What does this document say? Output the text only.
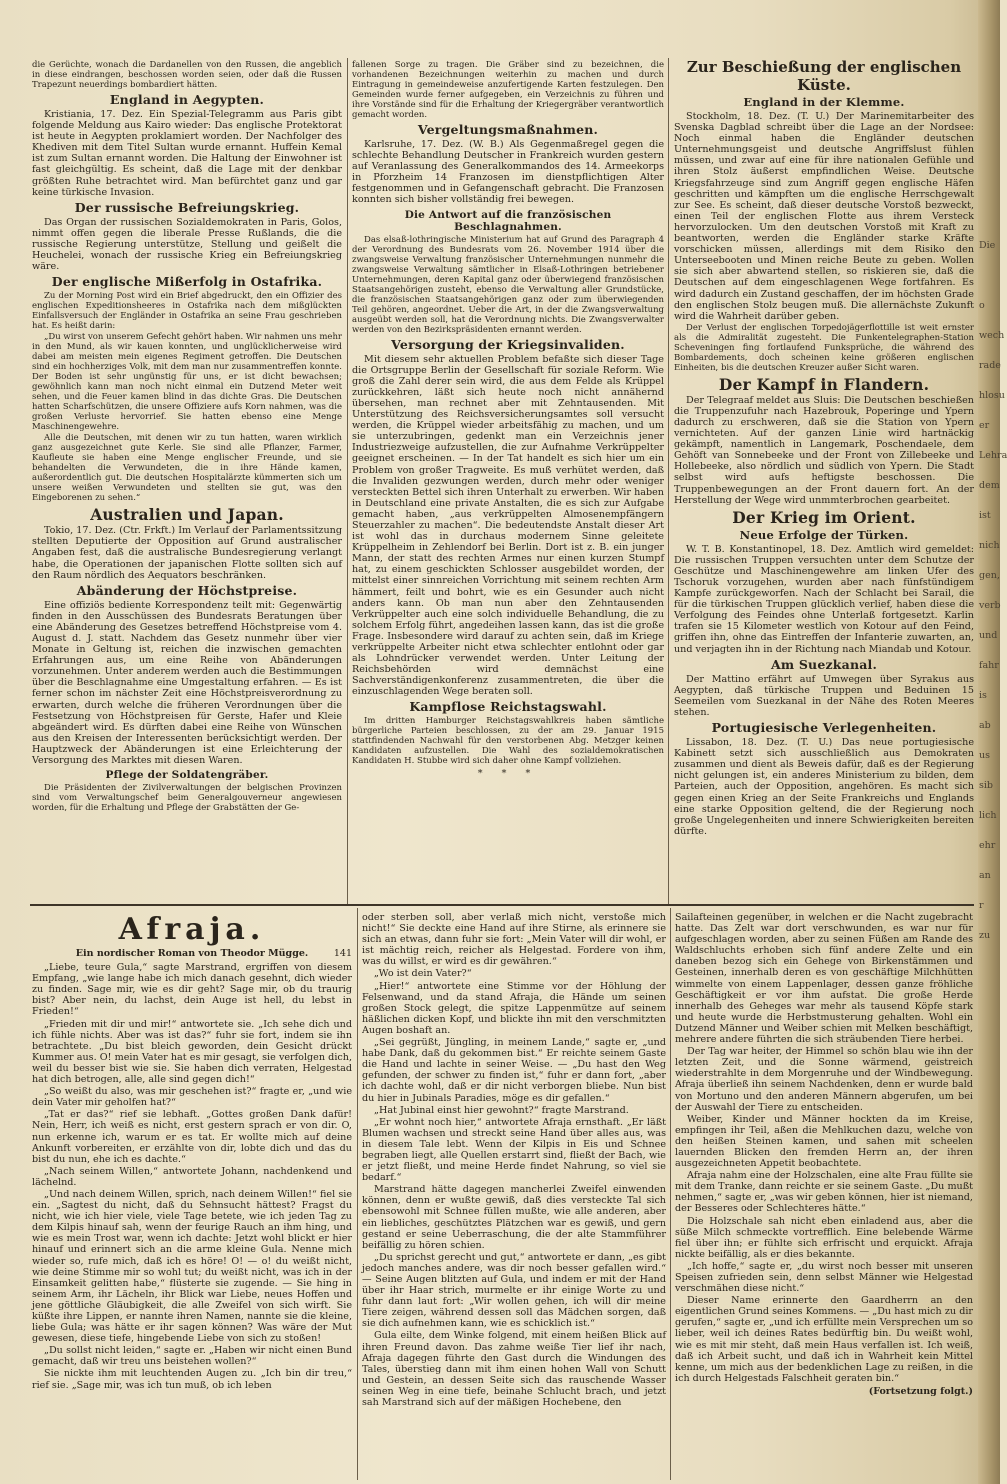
die Gerüchte, wonach die Dardanellen von den Russen, die angeblich in diese eindrangen, beschossen worden seien, oder daß die Russen Trapezunt neuerdings bombardiert hätten.

England in Aegypten.

Kristiania, 17. Dez. Ein Spezial-Telegramm aus Paris gibt folgende Meldung aus Kairo wieder: Das englische Protektorat ist heute in Aegypten proklamiert worden. Der Nachfolger des Khediven mit dem Titel Sultan wurde ernannt. Huffein Kemal ist zum Sultan ernannt worden. Die Haltung der Einwohner ist fast gleichgültig. Es scheint, daß die Lage mit der denkbar größten Ruhe betrachtet wird. Man befürchtet ganz und gar keine türkische Invasion.

Der russische Befreiungskrieg.

Das Organ der russischen Sozialdemokraten in Paris, Golos, nimmt offen gegen die liberale Presse Rußlands, die die russische Regierung unterstütze, Stellung und geißelt die Heuchelei, wonach der russische Krieg ein Befreiungskrieg wäre.

Der englische Mißerfolg in Ostafrika.

Zu der Morning Post wird ein Brief abgedruckt, den ein Offizier des englischen Expeditionsheeres in Ostafrika nach dem mißglückten Einfallsversuch der Engländer in Ostafrika an seine Frau geschrieben hat. Es heißt darin:

„Du wirst von unserem Gefecht gehört haben. Wir nahmen uns mehr in den Mund, als wir kauen konnten, und unglücklicherweise wird dabei am meisten mein eigenes Regiment getroffen. Die Deutschen sind ein hochherziges Volk, mit dem man nur zusammentreffen konnte. Der Boden ist sehr ungünstig für uns, er ist dicht bewachsen; gewöhnlich kann man noch nicht einmal ein Dutzend Meter weit sehen, und die Feuer kamen blind in das dichte Gras. Die Deutschen hatten Scharfschützen, die unsere Offiziere aufs Korn nahmen, was die großen Verluste hervorrief. Sie hatten ebenso eine Menge Maschinengewehre.

Alle die Deutschen, mit denen wir zu tun hatten, waren wirklich ganz ausgezeichnet gute Kerle. Sie sind alle Pflanzer, Farmer, Kaufleute sie haben eine Menge englischer Freunde, und sie behandelten die Verwundeten, die in ihre Hände kamen, außerordentlich gut. Die deutschen Hospitalärzte kümmerten sich um unsere weißen Verwundeten und stellten sie gut, was den Eingeborenen zu sehen.“

Australien und Japan.

Tokio, 17. Dez. (Ctr. Frkft.) Im Verlauf der Parlamentssitzung stellten Deputierte der Opposition auf Grund australischer Angaben fest, daß die australische Bundesregierung verlangt habe, die Operationen der japanischen Flotte sollten sich auf den Raum nördlich des Aequators beschränken.

Abänderung der Höchstpreise.

Eine offiziös bediente Korrespondenz teilt mit: Gegenwärtig finden in den Ausschüssen des Bundesrats Beratungen über eine Abänderung des Gesetzes betreffend Höchstpreise vom 4. August d. J. statt. Nachdem das Gesetz nunmehr über vier Monate in Geltung ist, reichen die inzwischen gemachten Erfahrungen aus, um eine Reihe von Abänderungen vorzunehmen. Unter anderem werden auch die Bestimmungen über die Beschlagnahme eine Umgestaltung erfahren. — Es ist ferner schon im nächster Zeit eine Höchstpreisverordnung zu erwarten, durch welche die früheren Verordnungen über die Festsetzung von Höchstpreisen für Gerste, Hafer und Kleie abgeändert wird. Es dürften dabei eine Reihe von Wünschen aus den Kreisen der Interessenten berücksichtigt werden. Der Hauptzweck der Abänderungen ist eine Erleichterung der Versorgung des Marktes mit diesen Waren.

Pflege der Soldatengräber.

Die Präsidenten der Zivilverwaltungen der belgischen Provinzen sind vom Verwaltungschef beim Generalgouverneur angewiesen worden, für die Erhaltung und Pflege der Grabstätten der Ge-

fallenen Sorge zu tragen. Die Gräber sind zu bezeichnen, die vorhandenen Bezeichnungen weiterhin zu machen und durch Eintragung in gemeindeweise anzufertigende Karten festzulegen. Den Gemeinden wurde ferner aufgegeben, ein Verzeichnis zu führen und ihre Vorstände sind für die Erhaltung der Kriegergräber verantwortlich gemacht worden.

Vergeltungsmaßnahmen.

Karlsruhe, 17. Dez. (W. B.) Als Gegenmaßregel gegen die schlechte Behandlung Deutscher in Frankreich wurden gestern auf Veranlassung des Generalkommandos des 14. Armeekorps in Pforzheim 14 Franzosen im dienstpflichtigen Alter festgenommen und in Gefangenschaft gebracht. Die Franzosen konnten sich bisher vollständig frei bewegen.

Die Antwort auf die französischen Beschlagnahmen.

Das elsaß-lothringische Ministerium hat auf Grund des Paragraph 4 der Verordnung des Bundesrats vom 26. November 1914 über die zwangsweise Verwaltung französischer Unternehmungen nunmehr die zwangsweise Verwaltung sämtlicher in Elsaß-Lothringen betriebener Unternehmungen, deren Kapital ganz oder überwiegend französischen Staatsangehörigen zusteht, ebenso die Verwaltung aller Grundstücke, die französischen Staatsangehörigen ganz oder zum überwiegenden Teil gehören, angeordnet. Ueber die Art, in der die Zwangsverwaltung ausgeübt werden soll, hat die Verordnung nichts. Die Zwangsverwalter werden von den Bezirkspräsidenten ernannt werden.

Versorgung der Kriegsinvaliden.

Mit diesem sehr aktuellen Problem befaßte sich dieser Tage die Ortsgruppe Berlin der Gesellschaft für soziale Reform. Wie groß die Zahl derer sein wird, die aus dem Felde als Krüppel zurückkehren, läßt sich heute noch nicht annähernd übersehen, man rechnet aber mit Zehntausenden. Mit Unterstützung des Reichsversicherungsamtes soll versucht werden, die Krüppel wieder arbeitsfähig zu machen, und um sie unterzubringen, gedenkt man ein Verzeichnis jener Industriezweige aufzustellen, die zur Aufnahme Verkrüppelter geeignet erscheinen. — In der Tat handelt es sich hier um ein Problem von großer Tragweite. Es muß verhütet werden, daß die Invaliden gezwungen werden, durch mehr oder weniger versteckten Bettel sich ihren Unterhalt zu erwerben. Wir haben in Deutschland eine private Anstalten, die es sich zur Aufgabe gemacht haben, „aus verkrüppelten Almosenempfängern Steuerzahler zu machen“. Die bedeutendste Anstalt dieser Art ist wohl das in durchaus modernem Sinne geleitete Krüppelheim in Zehlendorf bei Berlin. Dort ist z. B. ein junger Mann, der statt des rechten Armes nur einen kurzen Stumpf hat, zu einem geschickten Schlosser ausgebildet worden, der mittelst einer sinnreichen Vorrichtung mit seinem rechten Arm hämmert, feilt und bohrt, wie es ein Gesunder auch nicht anders kann. Ob man nun aber den Zehntausenden Verkrüppelter auch eine solch individuelle Behandlung, die zu solchem Erfolg führt, angedeihen lassen kann, das ist die große Frage. Insbesondere wird darauf zu achten sein, daß im Kriege verkrüppelte Arbeiter nicht etwa schlechter entlohnt oder gar als Lohndrücker verwendet werden. Unter Leitung der Reichsbehörden wird demnächst eine Sachverständigenkonferenz zusammentreten, die über die einzuschlagenden Wege beraten soll.

Kampflose Reichstagswahl.

Im dritten Hamburger Reichstagswahlkreis haben sämtliche bürgerliche Parteien beschlossen, zu der am 29. Januar 1915 stattfindenden Nachwahl für den verstorbenen Abg. Metzger keinen Kandidaten aufzustellen. Die Wahl des sozialdemokratischen Kandidaten H. Stubbe wird sich daher ohne Kampf vollziehen.

* * *
Zur Beschießung der englischen Küste.
England in der Klemme.

Stockholm, 18. Dez. (T. U.) Der Marinemitarbeiter des Svenska Dagblad schreibt über die Lage an der Nordsee: Noch einmal haben die Engländer deutschen Unternehmungsgeist und deutsche Angriffslust fühlen müssen, und zwar auf eine für ihre nationalen Gefühle und ihren Stolz äußerst empfindlichen Weise. Deutsche Kriegsfahrzeuge sind zum Angriff gegen englische Häfen geschritten und kämpften um die englische Herrschgewalt zur See. Es scheint, daß dieser deutsche Vorstoß bezweckt, einen Teil der englischen Flotte aus ihrem Versteck hervorzulocken. Um den deutschen Vorstoß mit Kraft zu beantworten, werden die Engländer starke Kräfte vorschicken müssen, allerdings mit dem Risiko den Unterseebooten und Minen reiche Beute zu geben. Wollen sie sich aber abwartend stellen, so riskieren sie, daß die Deutschen auf dem eingeschlagenen Wege fortfahren. Es wird dadurch ein Zustand geschaffen, der im höchsten Grade den englischen Stolz beugen muß. Die allernächste Zukunft wird die Wahrheit darüber geben.

Der Verlust der englischen Torpedojägerflottille ist weit ernster als die Admiralität zugesteht. Die Funkentelegraphen-Station Scheveningen fing fortlaufend Funksprüche, die während des Bombardements, doch scheinen keine größeren englischen Einheiten, bis die deutschen Kreuzer außer Sicht waren.

Der Kampf in Flandern.

Der Telegraaf meldet aus Sluis: Die Deutschen beschießen die Truppenzufuhr nach Hazebrouk, Poperinge und Ypern dadurch zu erschweren, daß sie die Station von Ypern vernichteten. Auf der ganzen Linie wird hartnäckig gekämpft, namentlich in Langemark, Poschendaele, dem Gehöft van Sonnebeeke und der Front von Zillebeeke und Hollebeeke, also nördlich und südlich von Ypern. Die Stadt selbst wird aufs heftigste beschossen. Die Truppenbewegungen an der Front dauern fort. An der Herstellung der Wege wird unmmterbrochen gearbeitet.

Der Krieg im Orient.
Neue Erfolge der Türken.

W. T. B. Konstantinopel, 18. Dez. Amtlich wird gemeldet: Die russischen Truppen versuchten unter dem Schutze der Geschütze und Maschinengewehre am linken Ufer des Tschoruk vorzugehen, wurden aber nach fünfstündigem Kampfe zurückgeworfen. Nach der Schlacht bei Sarail, die für die türkischen Truppen glücklich verlief, haben diese die Verfolgung des Feindes ohne Unterlaß fortgesetzt. Karlin trafen sie 15 Kilometer westlich von Kotour auf den Feind, griffen ihn, ohne das Eintreffen der Infanterie zuwarten, an, und verjagten ihn in der Richtung nach Miandab und Kotour.

Am Suezkanal.

Der Mattino erfährt auf Umwegen über Syrakus aus Aegypten, daß türkische Truppen und Beduinen 15 Seemeilen vom Suezkanal in der Nähe des Roten Meeres stehen.

Portugiesische Verlegenheiten.

Lissabon, 18. Dez. (T. U.) Das neue portugiesische Kabinett setzt sich ausschließlich aus Demokraten zusammen und dient als Beweis dafür, daß es der Regierung nicht gelungen ist, ein anderes Ministerium zu bilden, dem Parteien, auch der Opposition, angehören. Es macht sich gegen einen Krieg an der Seite Frankreichs und Englands eine starke Opposition geltend, die der Regierung noch große Ungelegenheiten und innere Schwierigkeiten bereiten dürfte.

Afraja.
Ein nordischer Roman von Theodor Mügge.	141

„Liebe, teure Gula,“ sagte Marstrand, ergriffen von diesem Empfang, „wie lange habe ich mich danach gesehnt, dich wieder zu finden. Sage mir, wie es dir geht? Sage mir, ob du traurig bist? Aber nein, du lachst, dein Auge ist hell, du lebst in Frieden!“

„Frieden mit dir und mir!“ antwortete sie. „Ich sehe dich und ich fühle nichts. Aber was ist das?“ fuhr sie fort, indem sie ihn betrachtete. „Du bist bleich geworden, dein Gesicht drückt Kummer aus. O! mein Vater hat es mir gesagt, sie verfolgen dich, weil du besser bist wie sie. Sie haben dich verraten, Helgestad hat dich betrogen, alle, alle sind gegen dich!“

„So weißt du also, was mir geschehen ist?“ fragte er, „und wie dein Vater mir geholfen hat?“

„Tat er das?“ rief sie lebhaft. „Gottes großen Dank dafür! Nein, Herr, ich weiß es nicht, erst gestern sprach er von dir. O, nun erkenne ich, warum er es tat. Er wollte mich auf deine Ankunft vorbereiten, er erzählte von dir, lobte dich und das du bist du nun, ehe ich es dachte.“

„Nach seinem Willen,“ antwortete Johann, nachdenkend und lächelnd.

„Und nach deinem Willen, sprich, nach deinem Willen!“ fiel sie ein. „Sagtest du nicht, daß du Sehnsucht hättest? Fragst du nicht, wie ich hier viele, viele Tage betete, wie ich jeden Tag zu dem Kilpis hinauf sah, wenn der feurige Rauch an ihm hing, und wie es mein Trost war, wenn ich dachte: Jetzt wohl blickt er hier hinauf und erinnert sich an die arme kleine Gula. Nenne mich wieder so, rufe mich, daß ich es höre! O! — o! du weißt nicht, wie deine Stimme mir so wohl tut; du weißt nicht, was ich in der Einsamkeit gelitten habe,“ flüsterte sie zugende. — Sie hing in seinem Arm, ihr Lächeln, ihr Blick war Liebe, neues Hoffen und jene göttliche Gläubigkeit, die alle Zweifel von sich wirft. Sie küßte ihre Lippen, er nannte ihren Namen, nannte sie die kleine, liebe Gula; was hätte er ihr sagen können? Was wäre der Mut gewesen, diese tiefe, hingebende Liebe von sich zu stoßen!

„Du sollst nicht leiden,“ sagte er. „Haben wir nicht einen Bund gemacht, daß wir treu uns beistehen wollen?“

Sie nickte ihm mit leuchtenden Augen zu. „Ich bin dir treu,“ rief sie. „Sage mir, was ich tun muß, ob ich leben

oder sterben soll, aber verlaß mich nicht, verstoße mich nicht!“ Sie deckte eine Hand auf ihre Stirne, als erinnere sie sich an etwas, dann fuhr sie fort: „Mein Vater will dir wohl, er ist mächtig reich, reicher als Helgestad. Fordere von ihm, was du willst, er wird es dir gewähren.“

„Wo ist dein Vater?“

„Hier!“ antwortete eine Stimme vor der Höhlung der Felsenwand, und da stand Afraja, die Hände um seinen großen Stock gelegt, die spitze Lappenmütze auf seinem häßlichen dicken Kopf, und blickte ihn mit den verschmitzten Augen boshaft an.

„Sei gegrüßt, Jüngling, in meinem Lande,“ sagte er, „und habe Dank, daß du gekommen bist.“ Er reichte seinem Gaste die Hand und lachte in seiner Weise. — „Du hast den Weg gefunden, der schwer zu finden ist,“ fuhr er dann fort, „aber ich dachte wohl, daß er dir nicht verborgen bliebe. Nun bist du hier in Jubinals Paradies, möge es dir gefallen.“

„Hat Jubinal einst hier gewohnt?“ fragte Marstrand.

„Er wohnt noch hier,“ antwortete Afraja ernsthaft. „Er läßt Blumen wachsen und streckt seine Hand über alles aus, was in diesem Tale lebt. Wenn der Kilpis in Eis und Schnee begraben liegt, alle Quellen erstarrt sind, fließt der Bach, wie er jetzt fließt, und meine Herde findet Nahrung, so viel sie bedarf.“

Marstrand hätte dagegen mancherlei Zweifel einwenden können, denn er wußte gewiß, daß dies versteckte Tal sich ebensowohl mit Schnee füllen mußte, wie alle anderen, aber ein liebliches, geschütztes Plätzchen war es gewiß, und gern gestand er seine Ueberraschung, die der alte Stammführer beifällig zu hören schien.

„Du sprichst gerecht und gut,“ antwortete er dann, „es gibt jedoch manches andere, was dir noch besser gefallen wird.“ — Seine Augen blitzten auf Gula, und indem er mit der Hand über ihr Haar strich, murmelte er ihr einige Worte zu und fuhr dann laut fort: „Wir wollen gehen, ich will dir meine Tiere zeigen, während dessen soll das Mädchen sorgen, daß sie dich aufnehmen kann, wie es schicklich ist.“

Gula eilte, dem Winke folgend, mit einem heißen Blick auf ihren Freund davon. Das zahme weiße Tier lief ihr nach, Afraja dagegen führte den Gast durch die Windungen des Tales, überstieg dann mit ihm einen hohen Wall von Schutt und Gestein, an dessen Seite sich das rauschende Wasser seinen Weg in eine tiefe, beinahe Schlucht brach, und jetzt sah Marstrand sich auf der mäßigen Hochebene, den

Sailafteinen gegenüber, in welchen er die Nacht zugebracht hatte. Das Zelt war dort verschwunden, es war nur für aufgeschlagen worden, aber zu seinen Füßen am Rande des Waldschluchts erhoben sich fünf andere Zelte und ein daneben bezog sich ein Gehege von Birkenstämmen und Gesteinen, innerhalb deren es von geschäftige Milchhütten wimmelte von einem Lappenlager, dessen ganze fröhliche Geschäftigkeit er vor ihm aufstat. Die große Herde innerhalb des Geheges war mehr als tausend Köpfe stark und heute wurde die Herbstmusterung gehalten. Wohl ein Dutzend Männer und Weiber schien mit Melken beschäftigt, mehrere andere führten die sich sträubenden Tiere herbei.

Der Tag war heiter, der Himmel so schön blau wie ihn der letzten Zeit, und die Sonne wärmend, geistreich wiederstrahlte in dem Morgenruhe und der Windbewegung. Afraja überließ ihn seinem Nachdenken, denn er wurde bald von Mortuno und den anderen Männern abgerufen, um bei der Auswahl der Tiere zu entscheiden.

Weiber, Kinder und Männer hockten da im Kreise, empfingen ihr Teil, aßen die Mehlkuchen dazu, welche von den heißen Steinen kamen, und sahen mit scheelen lauernden Blicken den fremden Herrn an, der ihren ausgezeichneten Appetit beobachtete.

Afraja nahm eine der Holzschalen, eine alte Frau füllte sie mit dem Tranke, dann reichte er sie seinem Gaste. „Du mußt nehmen,“ sagte er, „was wir geben können, hier ist niemand, der Besseres oder Schlechteres hätte.“

Die Holzschale sah nicht eben einladend aus, aber die süße Milch schmeckte vortrefflich. Eine belebende Wärme fiel über ihn; er fühlte sich erfrischt und erquickt. Afraja nickte beifällig, als er dies bekannte.

„Ich hoffe,“ sagte er, „du wirst noch besser mit unseren Speisen zufrieden sein, denn selbst Männer wie Helgestad verschmähen diese nicht.“

Dieser Name erinnerte den Gaardherrn an den eigentlichen Grund seines Kommens. — „Du hast mich zu dir gerufen,“ sagte er, „und ich erfüllte mein Versprechen um so lieber, weil ich deines Rates bedürftig bin. Du weißt wohl, wie es mit mir steht, daß mein Haus verfallen ist. Ich weiß, daß ich Arbeit sucht, und daß ich in Wahrheit kein Mittel kenne, um mich aus der bedenklichen Lage zu reißen, in die ich durch Helgestads Falschheit geraten bin.“

(Fortsetzung folgt.)
Die
o
wech
rade
hlosu
er
Lehra
dem
ist
nich
gen,
verb
und
fahr
is
ab
us
sib
lich
ehr
an
r
zu
